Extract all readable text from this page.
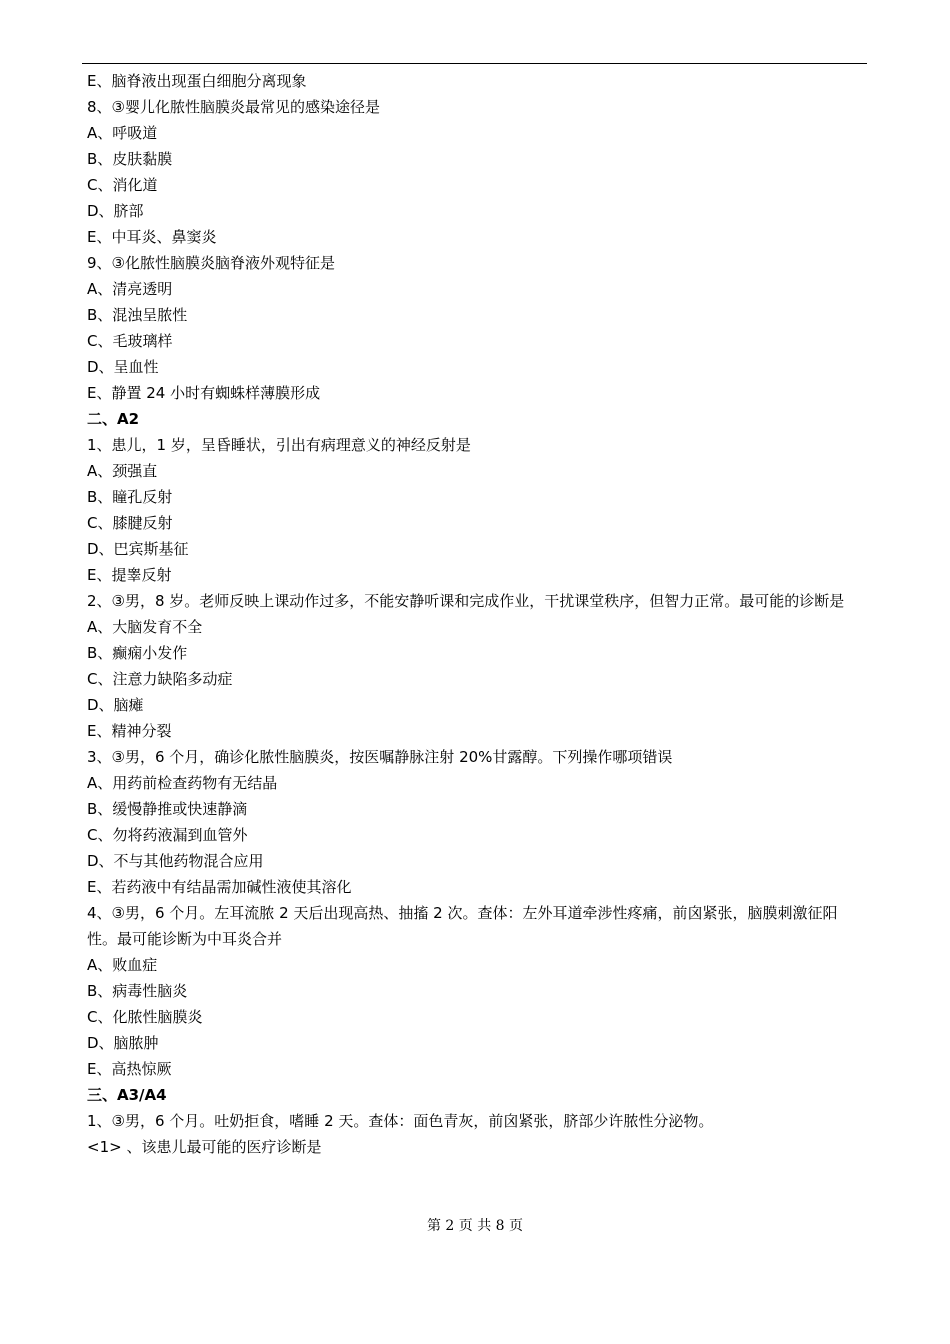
E、脑脊液出现蛋白细胞分离现象
8、③婴儿化脓性脑膜炎最常见的感染途径是
A、呼吸道
B、皮肤黏膜
C、消化道
D、脐部
E、中耳炎、鼻窦炎
9、③化脓性脑膜炎脑脊液外观特征是
A、清亮透明
B、混浊呈脓性
C、毛玻璃样
D、呈血性
E、静置 24 小时有蜘蛛样薄膜形成
二、A2
1、患儿，1 岁，呈昏睡状，引出有病理意义的神经反射是
A、颈强直
B、瞳孔反射
C、膝腱反射
D、巴宾斯基征
E、提睾反射
2、③男，8 岁。老师反映上课动作过多，不能安静听课和完成作业，干扰课堂秩序，但智力正常。最可能的诊断是
A、大脑发育不全
B、癫痫小发作
C、注意力缺陷多动症
D、脑瘫
E、精神分裂
3、③男，6 个月，确诊化脓性脑膜炎，按医嘱静脉注射 20%甘露醇。下列操作哪项错误
A、用药前检查药物有无结晶
B、缓慢静推或快速静滴
C、勿将药液漏到血管外
D、不与其他药物混合应用
E、若药液中有结晶需加碱性液使其溶化
4、③男，6 个月。左耳流脓 2 天后出现高热、抽搐 2 次。查体：左外耳道牵涉性疼痛，前囟紧张，脑膜刺激征阳性。最可能诊断为中耳炎合并
A、败血症
B、病毒性脑炎
C、化脓性脑膜炎
D、脑脓肿
E、高热惊厥
三、A3/A4
1、③男，6 个月。吐奶拒食，嗜睡 2 天。查体：面色青灰，前囟紧张，脐部少许脓性分泌物。
<1> 、该患儿最可能的医疗诊断是
第 2 页 共 8 页
